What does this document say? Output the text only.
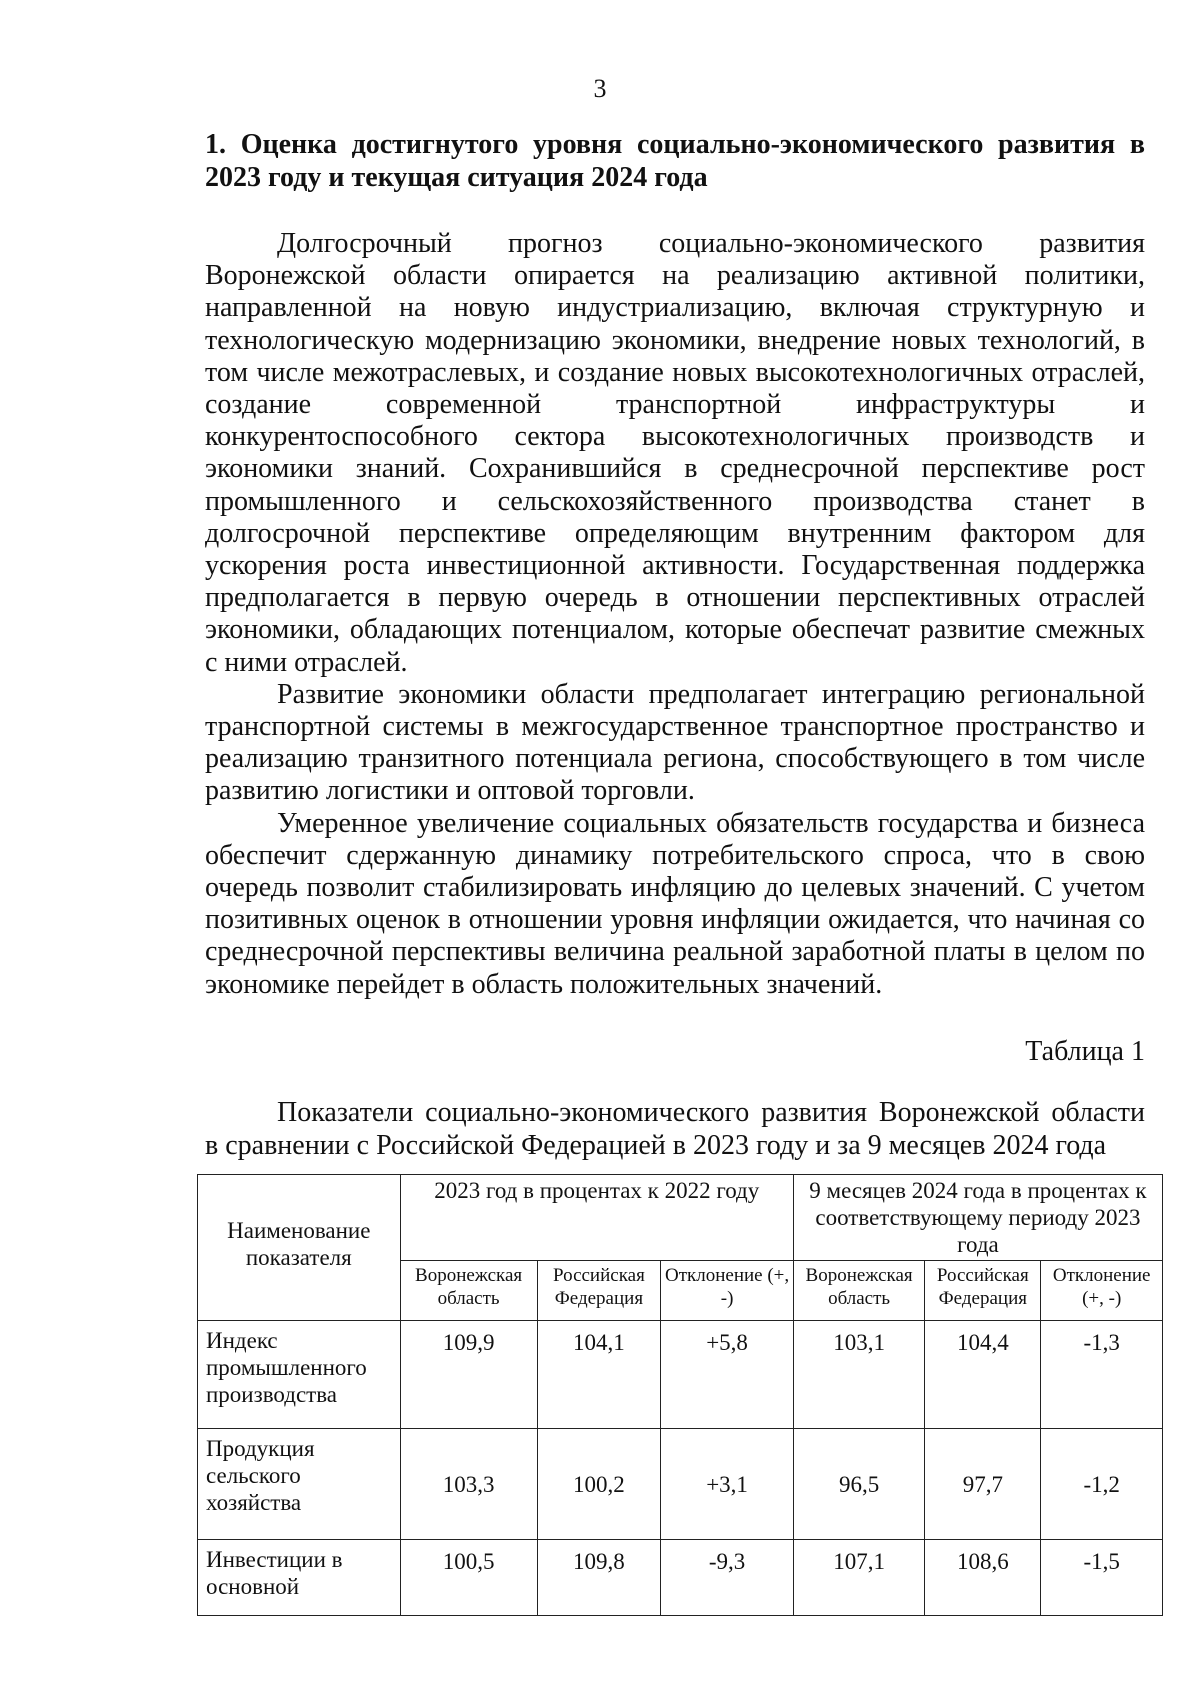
3
1. Оценка достигнутого уровня социально-экономического развития в 2023 году и текущая ситуация 2024 года

Долгосрочный прогноз социально-экономического развития Воронежской области опирается на реализацию активной политики, направленной на новую индустриализацию, включая структурную и технологическую модернизацию экономики, внедрение новых технологий, в том числе межотраслевых, и создание новых высокотехнологичных отраслей, создание современной транспортной инфраструктуры и конкурентоспособного сектора высокотехнологичных производств и экономики знаний. Сохранившийся в среднесрочной перспективе рост промышленного и сельскохозяйственного производства станет в долгосрочной перспективе определяющим внутренним фактором для ускорения роста инвестиционной активности. Государственная поддержка предполагается в первую очередь в отношении перспективных отраслей экономики, обладающих потенциалом, которые обеспечат развитие смежных с ними отраслей.

Развитие экономики области предполагает интеграцию региональной транспортной системы в межгосударственное транспортное пространство и реализацию транзитного потенциала региона, способствующего в том числе развитию логистики и оптовой торговли.

Умеренное увеличение социальных обязательств государства и бизнеса обеспечит сдержанную динамику потребительского спроса, что в свою очередь позволит стабилизировать инфляцию до целевых значений. С учетом позитивных оценок в отношении уровня инфляции ожидается, что начиная со среднесрочной перспективы величина реальной заработной платы в целом по экономике перейдет в область положительных значений.

Таблица 1
Показатели социально-экономического развития Воронежской области в сравнении с Российской Федерацией в 2023 году и за 9 месяцев 2024 года
Наименование показателя	2023 год в процентах к 2022 году			9 месяцев 2024 года в процентах к соответствующему периоду 2023 года		
	Воронежская область	Российская Федерация	Отклонение (+, -)	Воронежская область	Российская Федерация	Отклонение (+, -)
Индекс промышленного производства	109,9	104,1	+5,8	103,1	104,4	-1,3
Продукция сельского хозяйства	103,3	100,2	+3,1	96,5	97,7	-1,2
Инвестиции в основной	100,5	109,8	-9,3	107,1	108,6	-1,5
